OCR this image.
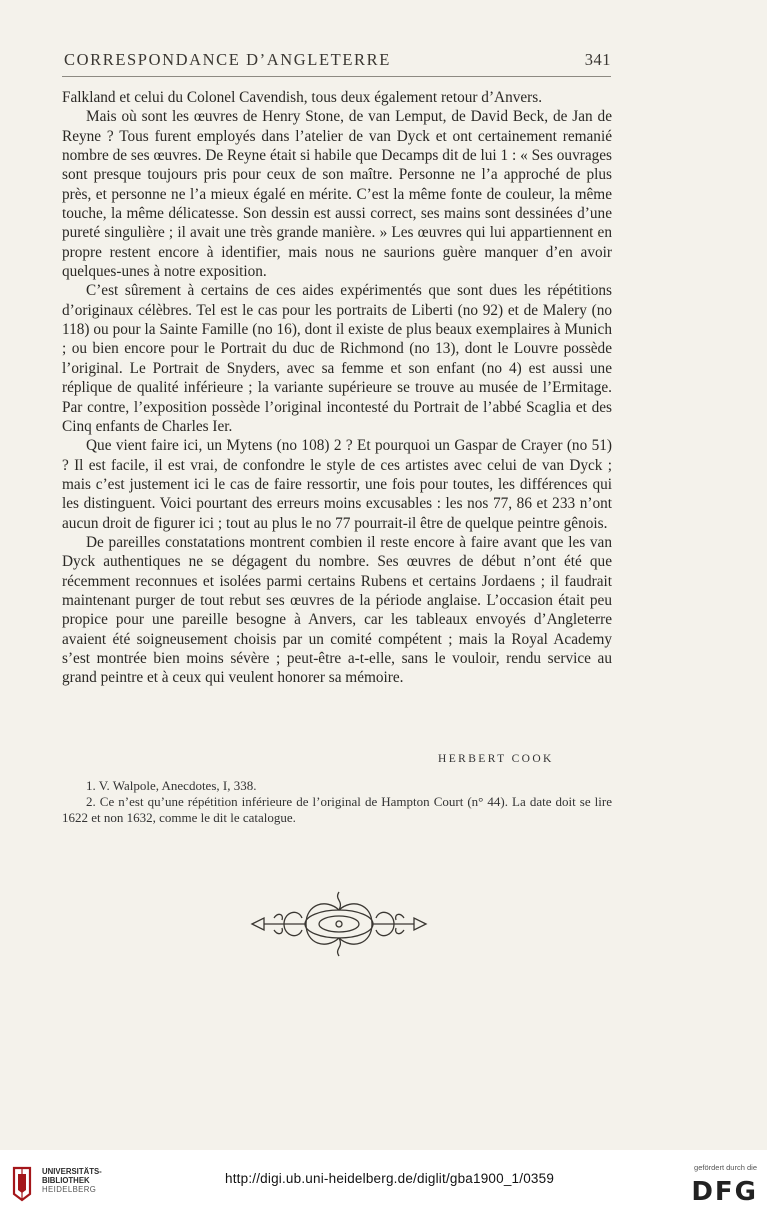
CORRESPONDANCE D’ANGLETERRE	341

Falkland et celui du Colonel Cavendish, tous deux également retour d’Anvers.

Mais où sont les œuvres de Henry Stone, de van Lemput, de David Beck, de Jan de Reyne ? Tous furent employés dans l’atelier de van Dyck et ont certainement remanié nombre de ses œuvres. De Reyne était si habile que Decamps dit de lui 1 : « Ses ouvrages sont presque toujours pris pour ceux de son maître. Personne ne l’a approché de plus près, et personne ne l’a mieux égalé en mérite. C’est la même fonte de couleur, la même touche, la même délicatesse. Son dessin est aussi correct, ses mains sont dessinées d’une pureté singulière ; il avait une très grande manière. » Les œuvres qui lui appartiennent en propre restent encore à identifier, mais nous ne saurions guère manquer d’en avoir quelques-unes à notre exposition.

C’est sûrement à certains de ces aides expérimentés que sont dues les répétitions d’originaux célèbres. Tel est le cas pour les portraits de Liberti (no 92) et de Malery (no 118) ou pour la Sainte Famille (no 16), dont il existe de plus beaux exemplaires à Munich ; ou bien encore pour le Portrait du duc de Richmond (no 13), dont le Louvre possède l’original. Le Portrait de Snyders, avec sa femme et son enfant (no 4) est aussi une réplique de qualité inférieure ; la variante supérieure se trouve au musée de l’Ermitage. Par contre, l’exposition possède l’original incontesté du Portrait de l’abbé Scaglia et des Cinq enfants de Charles Ier.

Que vient faire ici, un Mytens (no 108) 2 ? Et pourquoi un Gaspar de Crayer (no 51) ? Il est facile, il est vrai, de confondre le style de ces artistes avec celui de van Dyck ; mais c’est justement ici le cas de faire ressortir, une fois pour toutes, les différences qui les distinguent. Voici pourtant des erreurs moins excusables : les nos 77, 86 et 233 n’ont aucun droit de figurer ici ; tout au plus le no 77 pourrait-il être de quelque peintre gênois.

De pareilles constatations montrent combien il reste encore à faire avant que les van Dyck authentiques ne se dégagent du nombre. Ses œuvres de début n’ont été que récemment reconnues et isolées parmi certains Rubens et certains Jordaens ; il faudrait maintenant purger de tout rebut ses œuvres de la période anglaise. L’occasion était peu propice pour une pareille besogne à Anvers, car les tableaux envoyés d’Angleterre avaient été soigneusement choisis par un comité compétent ; mais la Royal Academy s’est montrée bien moins sévère ; peut-être a-t-elle, sans le vouloir, rendu service au grand peintre et à ceux qui veulent honorer sa mémoire.

HERBERT COOK

1. V. Walpole, Anecdotes, I, 338.

2. Ce n’est qu’une répétition inférieure de l’original de Hampton Court (n° 44). La date doit se lire 1622 et non 1632, comme le dit le catalogue.

UNIVERSITÄTS-
BIBLIOTHEK
HEIDELBERG
http://digi.ub.uni-heidelberg.de/diglit/gba1900_1/0359
gefördert durch die
DFG
